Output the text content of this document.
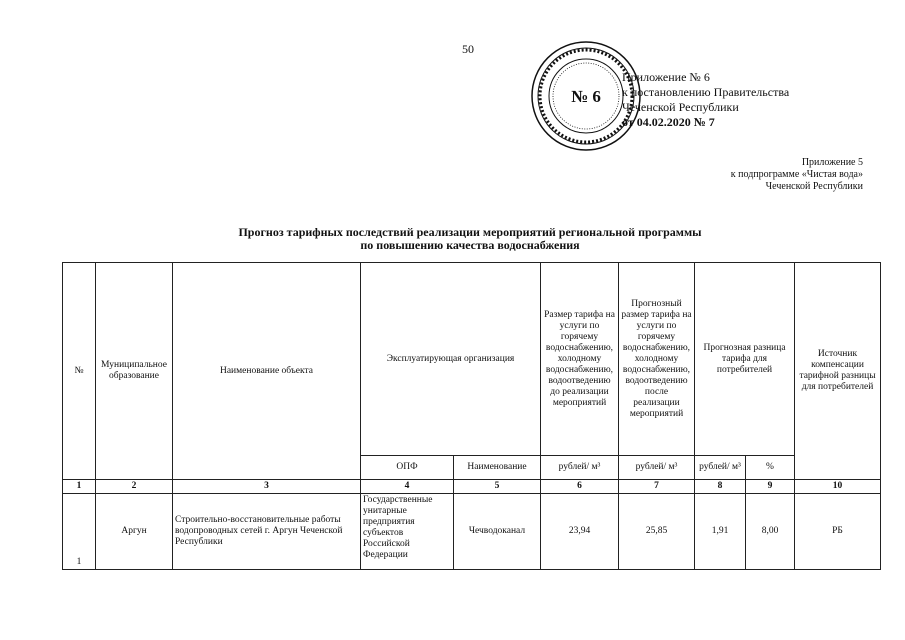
50
№ 6
Приложение № 6
к постановлению Правительства
Чеченской Республики
от 04.02.2020 № 7
Приложение 5
к подпрограмме «Чистая вода»
Чеченской Республики
Прогноз тарифных последствий реализации мероприятий региональной программы
по повышению качества водоснабжения
№	Муниципальное образование	Наименование объекта	Эксплуатирующая организация		Размер тарифа на услуги по горячему водоснабжению, холодному водоснабжению, водоотведению до реализации мероприятий	Прогнозный размер тарифа на услуги по горячему водоснабжению, холодному водоснабжению, водоотведению после реализации мероприятий	Прогнозная разница тарифа для потребителей		Источник компенсации тарифной разницы для потребителей
			ОПФ	Наименование	рублей/ м³	рублей/ м³	рублей/ м³	%	
1	2	3	4	5	6	7	8	9	10
1	Аргун	Строительно-восстановительные работы водопроводных сетей г. Аргун Чеченской Республики	Государственные унитарные предприятия субъектов Российской Федерации	Чечводоканал	23,94	25,85	1,91	8,00	РБ
